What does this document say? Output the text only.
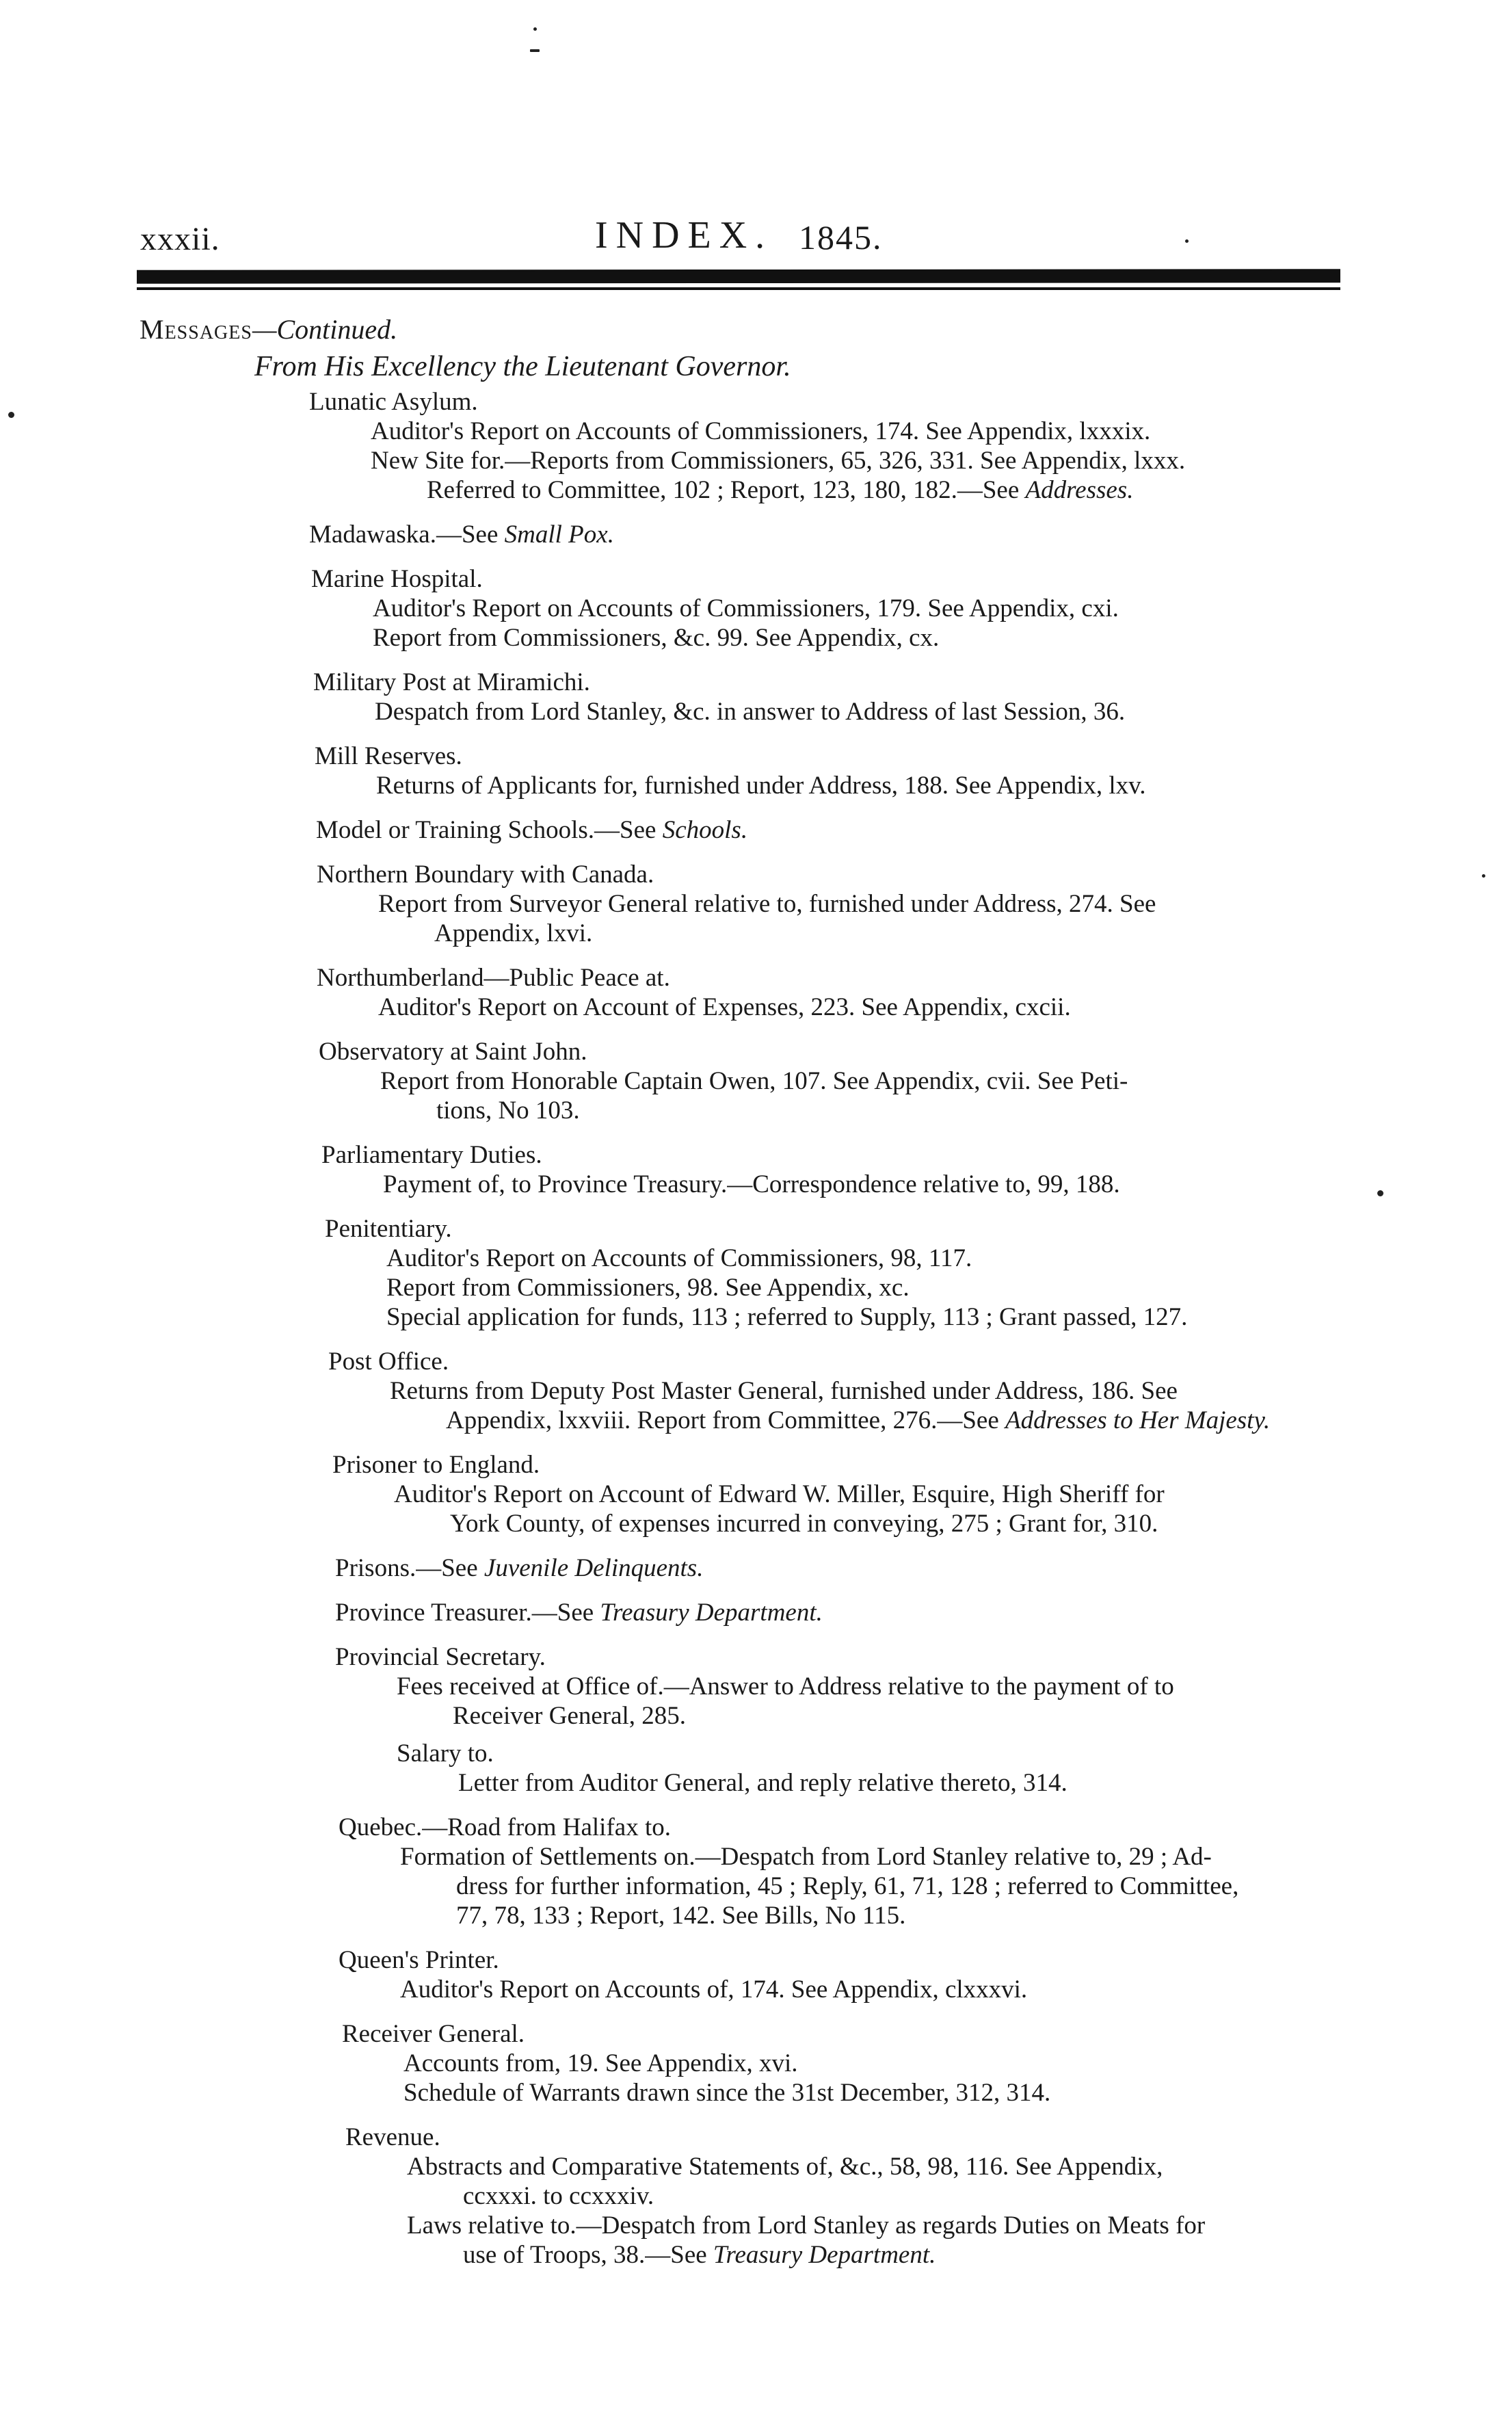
xxxii.	INDEX. 1845.
Messages—Continued.
From His Excellency the Lieutenant Governor.
Lunatic Asylum.
Auditor's Report on Accounts of Commissioners, 174. See Appendix, lxxxix.
New Site for.—Reports from Commissioners, 65, 326, 331. See Appendix, lxxx.
Referred to Committee, 102 ; Report, 123, 180, 182.—See Addresses.
Madawaska.—See Small Pox.
Marine Hospital.
Auditor's Report on Accounts of Commissioners, 179. See Appendix, cxi.
Report from Commissioners, &c. 99. See Appendix, cx.
Military Post at Miramichi.
Despatch from Lord Stanley, &c. in answer to Address of last Session, 36.
Mill Reserves.
Returns of Applicants for, furnished under Address, 188. See Appendix, lxv.
Model or Training Schools.—See Schools.
Northern Boundary with Canada.
Report from Surveyor General relative to, furnished under Address, 274. See
Appendix, lxvi.
Northumberland—Public Peace at.
Auditor's Report on Account of Expenses, 223. See Appendix, cxcii.
Observatory at Saint John.
Report from Honorable Captain Owen, 107. See Appendix, cvii. See Peti-
tions, No 103.
Parliamentary Duties.
Payment of, to Province Treasury.—Correspondence relative to, 99, 188.
Penitentiary.
Auditor's Report on Accounts of Commissioners, 98, 117.
Report from Commissioners, 98. See Appendix, xc.
Special application for funds, 113 ; referred to Supply, 113 ; Grant passed, 127.
Post Office.
Returns from Deputy Post Master General, furnished under Address, 186. See
Appendix, lxxviii. Report from Committee, 276.—See Addresses to Her Majesty.
Prisoner to England.
Auditor's Report on Account of Edward W. Miller, Esquire, High Sheriff for
York County, of expenses incurred in conveying, 275 ; Grant for, 310.
Prisons.—See Juvenile Delinquents.
Province Treasurer.—See Treasury Department.
Provincial Secretary.
Fees received at Office of.—Answer to Address relative to the payment of to
Receiver General, 285.
Salary to.
Letter from Auditor General, and reply relative thereto, 314.
Quebec.—Road from Halifax to.
Formation of Settlements on.—Despatch from Lord Stanley relative to, 29 ; Ad-
dress for further information, 45 ; Reply, 61, 71, 128 ; referred to Committee,
77, 78, 133 ; Report, 142. See Bills, No 115.
Queen's Printer.
Auditor's Report on Accounts of, 174. See Appendix, clxxxvi.
Receiver General.
Accounts from, 19. See Appendix, xvi.
Schedule of Warrants drawn since the 31st December, 312, 314.
Revenue.
Abstracts and Comparative Statements of, &c., 58, 98, 116. See Appendix,
ccxxxi. to ccxxxiv.
Laws relative to.—Despatch from Lord Stanley as regards Duties on Meats for
use of Troops, 38.—See Treasury Department.
